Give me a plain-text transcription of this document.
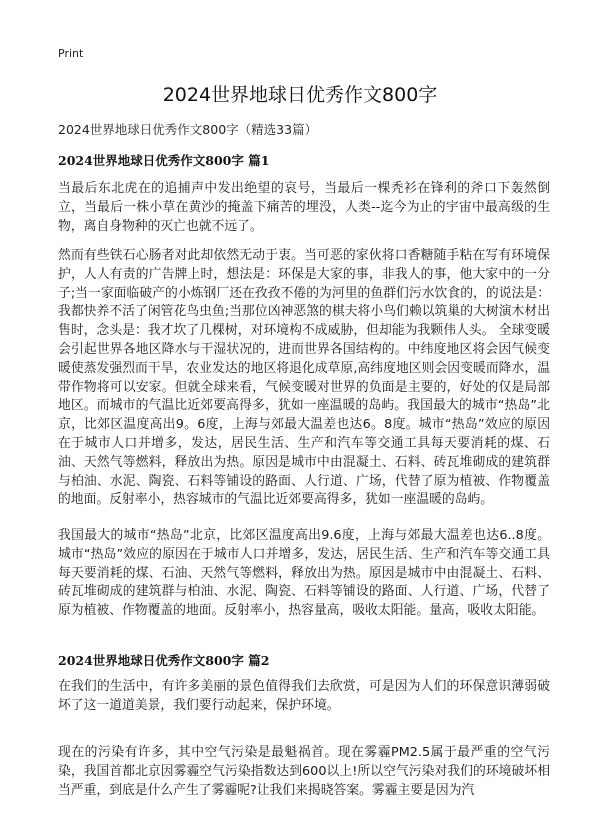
Print
2024世界地球日优秀作文800字
2024世界地球日优秀作文800字（精选33篇）
2024世界地球日优秀作文800字 篇1

当最后东北虎在的追捕声中发出绝望的哀号，当最后一棵秃衫在锋利的斧口下轰然倒立，当最后一株小草在黄沙的掩盖下痛苦的埋没，人类--迄今为止的宇宙中最高级的生物，离自身物种的灭亡也就不远了。

然而有些铁石心肠者对此却依然无动于衷。当可恶的家伙将口香糖随手粘在写有环境保护，人人有责的广告牌上时，想法是：环保是大家的事，非我人的事，他大家中的一分子;当一家面临破产的小炼钢厂还在孜孜不倦的为河里的鱼群们污水饮食的，的说法是：我都快养不活了闲管花鸟虫鱼;当那位凶神恶煞的棋夫将小鸟们赖以筑巢的大树演木材出售时，念头是：我才坎了几棵树，对环境构不成威胁，但却能为我颗伟人头。 全球变暖会引起世界各地区降水与干湿状况的，进而世界各国结构的。中纬度地区将会因气候变暖使蒸发强烈而干旱，农业发达的地区将退化成草原,高纬度地区则会因变暖而降水，温带作物将可以安家。但就全球来看，气候变暖对世界的负面是主要的，好处的仅是局部地区。而城市的气温比近郊要高得多，犹如一座温暖的岛屿。我国最大的城市“热岛”北京，比郊区温度高出9。6度，上海与郊最大温差也达6。8度。城市“热岛”效应的原因在于城市人口并增多，发达，居民生活、生产和汽车等交通工具每天要消耗的煤、石油、天然气等燃料，释放出为热。原因是城市中由混凝土、石料、砖瓦堆砌成的建筑群与柏油、水泥、陶瓷、石料等铺设的路面、人行道、广场，代替了原为植被、作物覆盖的地面。反射率小，热容城市的气温比近郊要高得多，犹如一座温暖的岛屿。

我国最大的城市“热岛”北京，比郊区温度高出9.6度，上海与郊最大温差也达6..8度。城市“热岛”效应的原因在于城市人口并增多，发达，居民生活、生产和汽车等交通工具每天要消耗的煤、石油、天然气等燃料，释放出为热。原因是城市中由混凝土、石料、砖瓦堆砌成的建筑群与柏油、水泥、陶瓷、石料等铺设的路面、人行道、广场，代替了原为植被、作物覆盖的地面。反射率小，热容量高，吸收太阳能。量高，吸收太阳能。

2024世界地球日优秀作文800字 篇2

在我们的生活中，有许多美丽的景色值得我们去欣赏，可是因为人们的环保意识薄弱破坏了这一道道美景，我们要行动起来，保护环境。

现在的污染有许多，其中空气污染是最魁祸首。现在雾霾PM2.5属于最严重的空气污染，我国首都北京因雾霾空气污染指数达到600以上!所以空气污染对我们的环境破坏相当严重，到底是什么产生了雾霾呢?让我们来揭晓答案。雾霾主要是因为汽
